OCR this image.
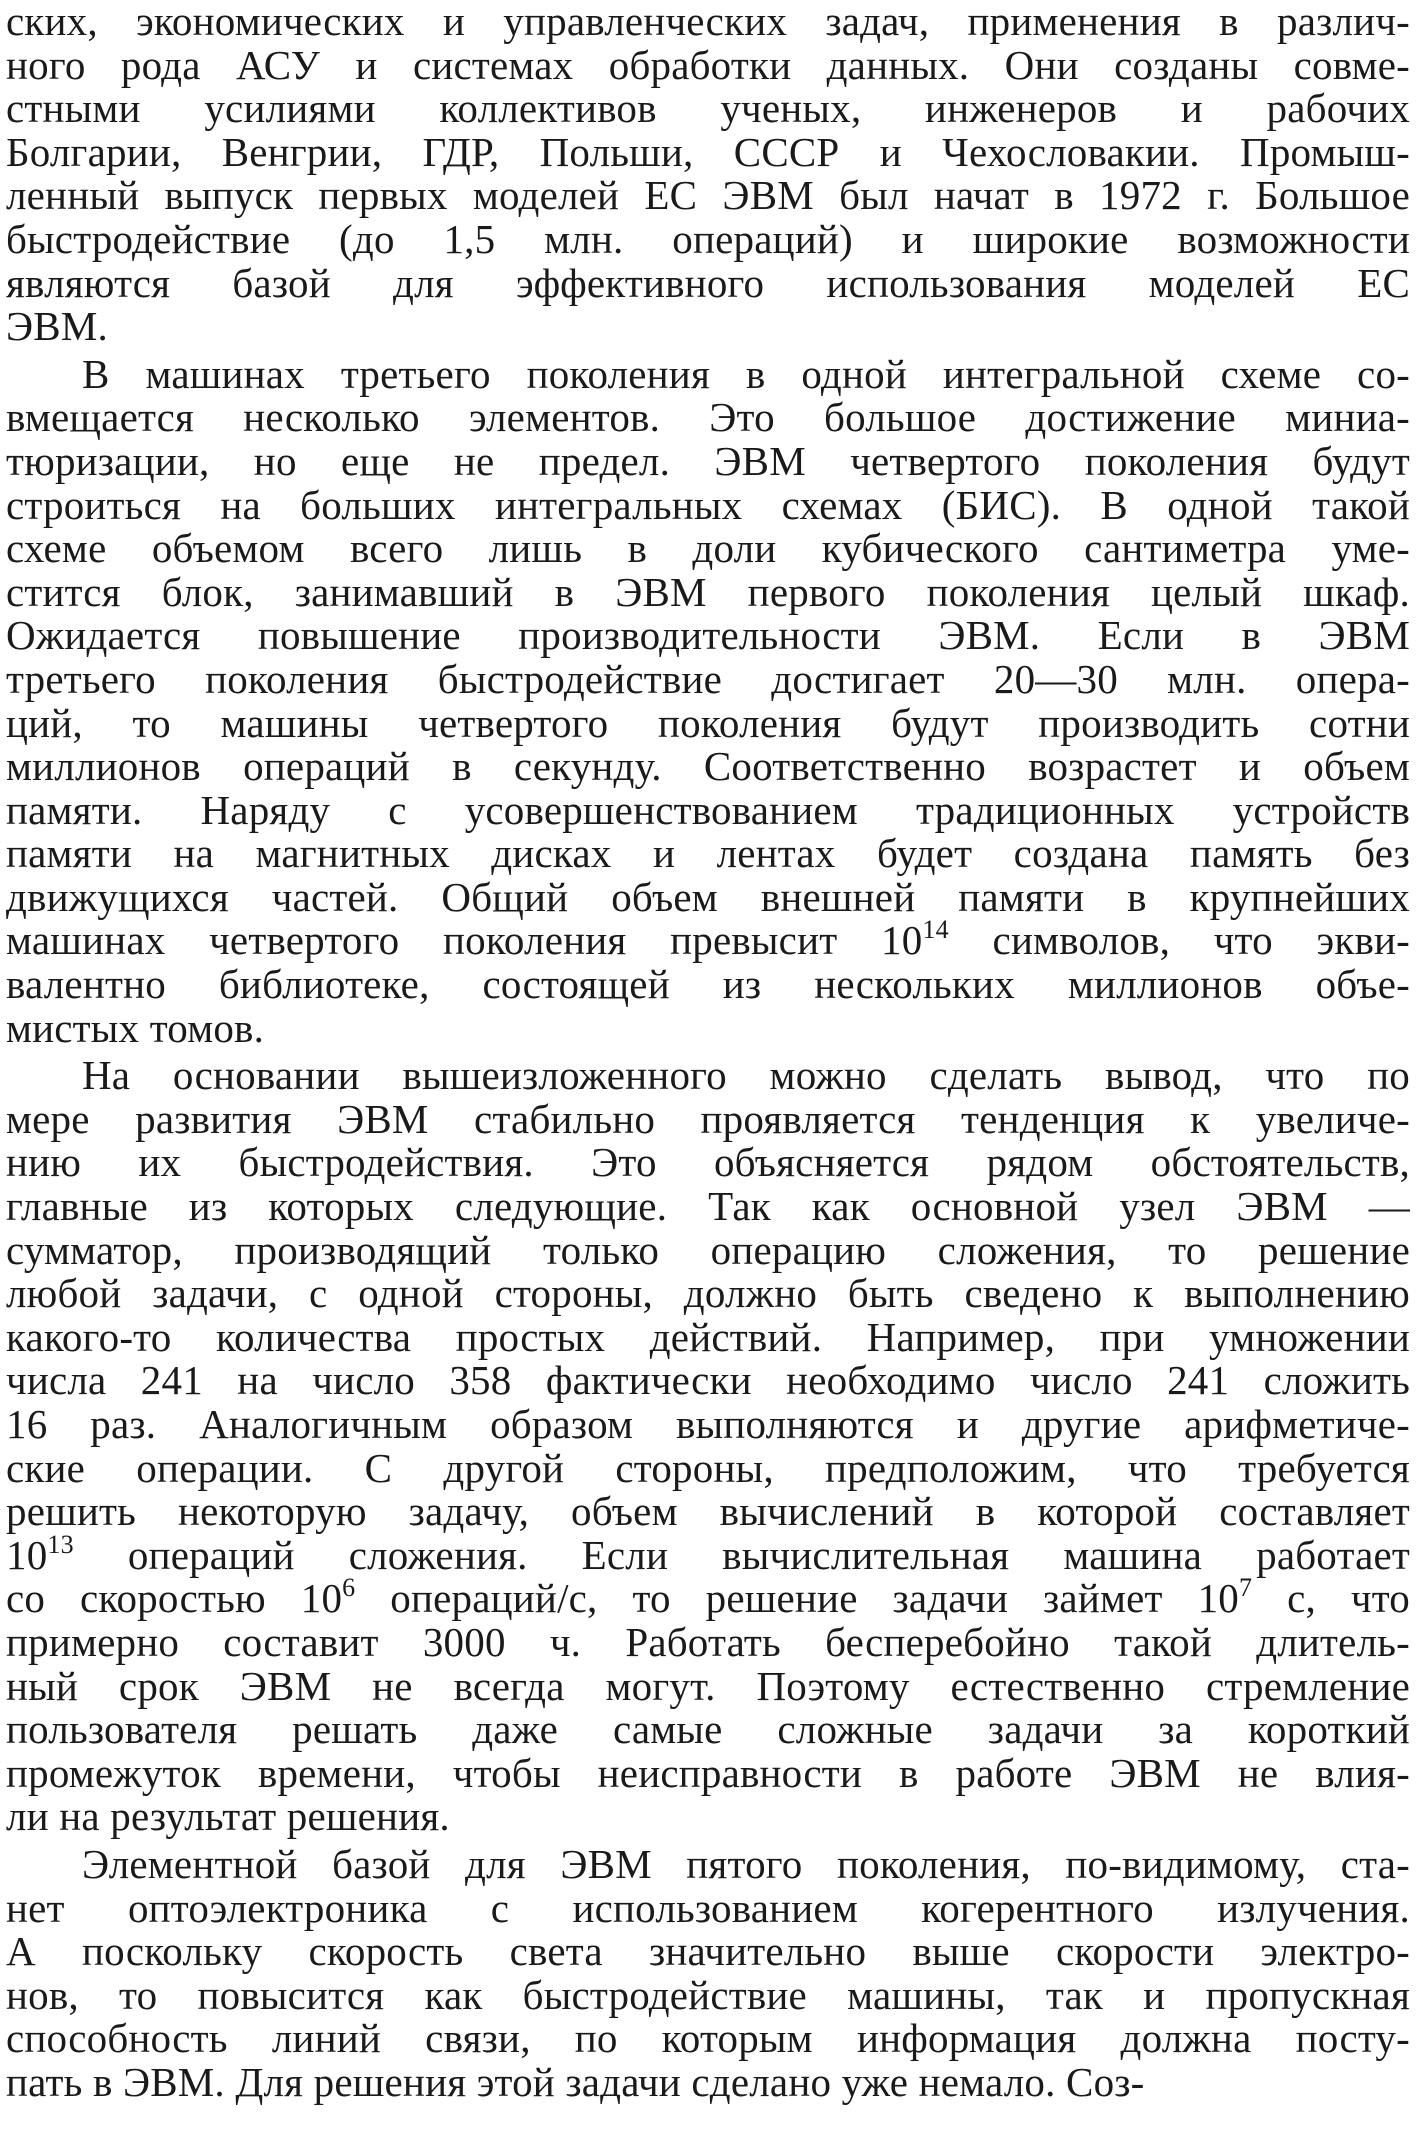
ских, экономических и управленческих задач, применения в различ-
ного рода АСУ и системах обработки данных. Они созданы совме-
стными усилиями коллективов ученых, инженеров и рабочих
Болгарии, Венгрии, ГДР, Польши, СССР и Чехословакии. Промыш-
ленный выпуск первых моделей ЕС ЭВМ был начат в 1972 г. Большое
быстродействие (до 1,5 млн. операций) и широкие возможности
являются базой для эффективного использования моделей ЕС
ЭВМ.
В машинах третьего поколения в одной интегральной схеме со-
вмещается несколько элементов. Это большое достижение миниа-
тюризации, но еще не предел. ЭВМ четвертого поколения будут
строиться на больших интегральных схемах (БИС). В одной такой
схеме объемом всего лишь в доли кубического сантиметра уме-
стится блок, занимавший в ЭВМ первого поколения целый шкаф.
Ожидается повышение производительности ЭВМ. Если в ЭВМ
третьего поколения быстродействие достигает 20—30 млн. опера-
ций, то машины четвертого поколения будут производить сотни
миллионов операций в секунду. Соответственно возрастет и объем
памяти. Наряду с усовершенствованием традиционных устройств
памяти на магнитных дисках и лентах будет создана память без
движущихся частей. Общий объем внешней памяти в крупнейших
машинах четвертого поколения превысит $10^{14}$ символов, что экви-
валентно библиотеке, состоящей из нескольких миллионов объе-
мистых томов.
На основании вышеизложенного можно сделать вывод, что по
мере развития ЭВМ стабильно проявляется тенденция к увеличе-
нию их быстродействия. Это объясняется рядом обстоятельств,
главные из которых следующие. Так как основной узел ЭВМ —
сумматор, производящий только операцию сложения, то решение
любой задачи, с одной стороны, должно быть сведено к выполнению
какого-то количества простых действий. Например, при умножении
числа 241 на число 358 фактически необходимо число 241 сложить
16 раз. Аналогичным образом выполняются и другие арифметиче-
ские операции. С другой стороны, предположим, что требуется
решить некоторую задачу, объем вычислений в которой составляет
$10^{13}$ операций сложения. Если вычислительная машина работает
со скоростью $10^6$ операций/с, то решение задачи займет $10^7$ с, что
примерно составит 3000 ч. Работать бесперебойно такой длитель-
ный срок ЭВМ не всегда могут. Поэтому естественно стремление
пользователя решать даже самые сложные задачи за короткий
промежуток времени, чтобы неисправности в работе ЭВМ не влия-
ли на результат решения.
Элементной базой для ЭВМ пятого поколения, по-видимому, ста-
нет оптоэлектроника с использованием когерентного излучения.
А поскольку скорость света значительно выше скорости электро-
нов, то повысится как быстродействие машины, так и пропускная
способность линий связи, по которым информация должна посту-
пать в ЭВМ. Для решения этой задачи сделано уже немало. Соз-
